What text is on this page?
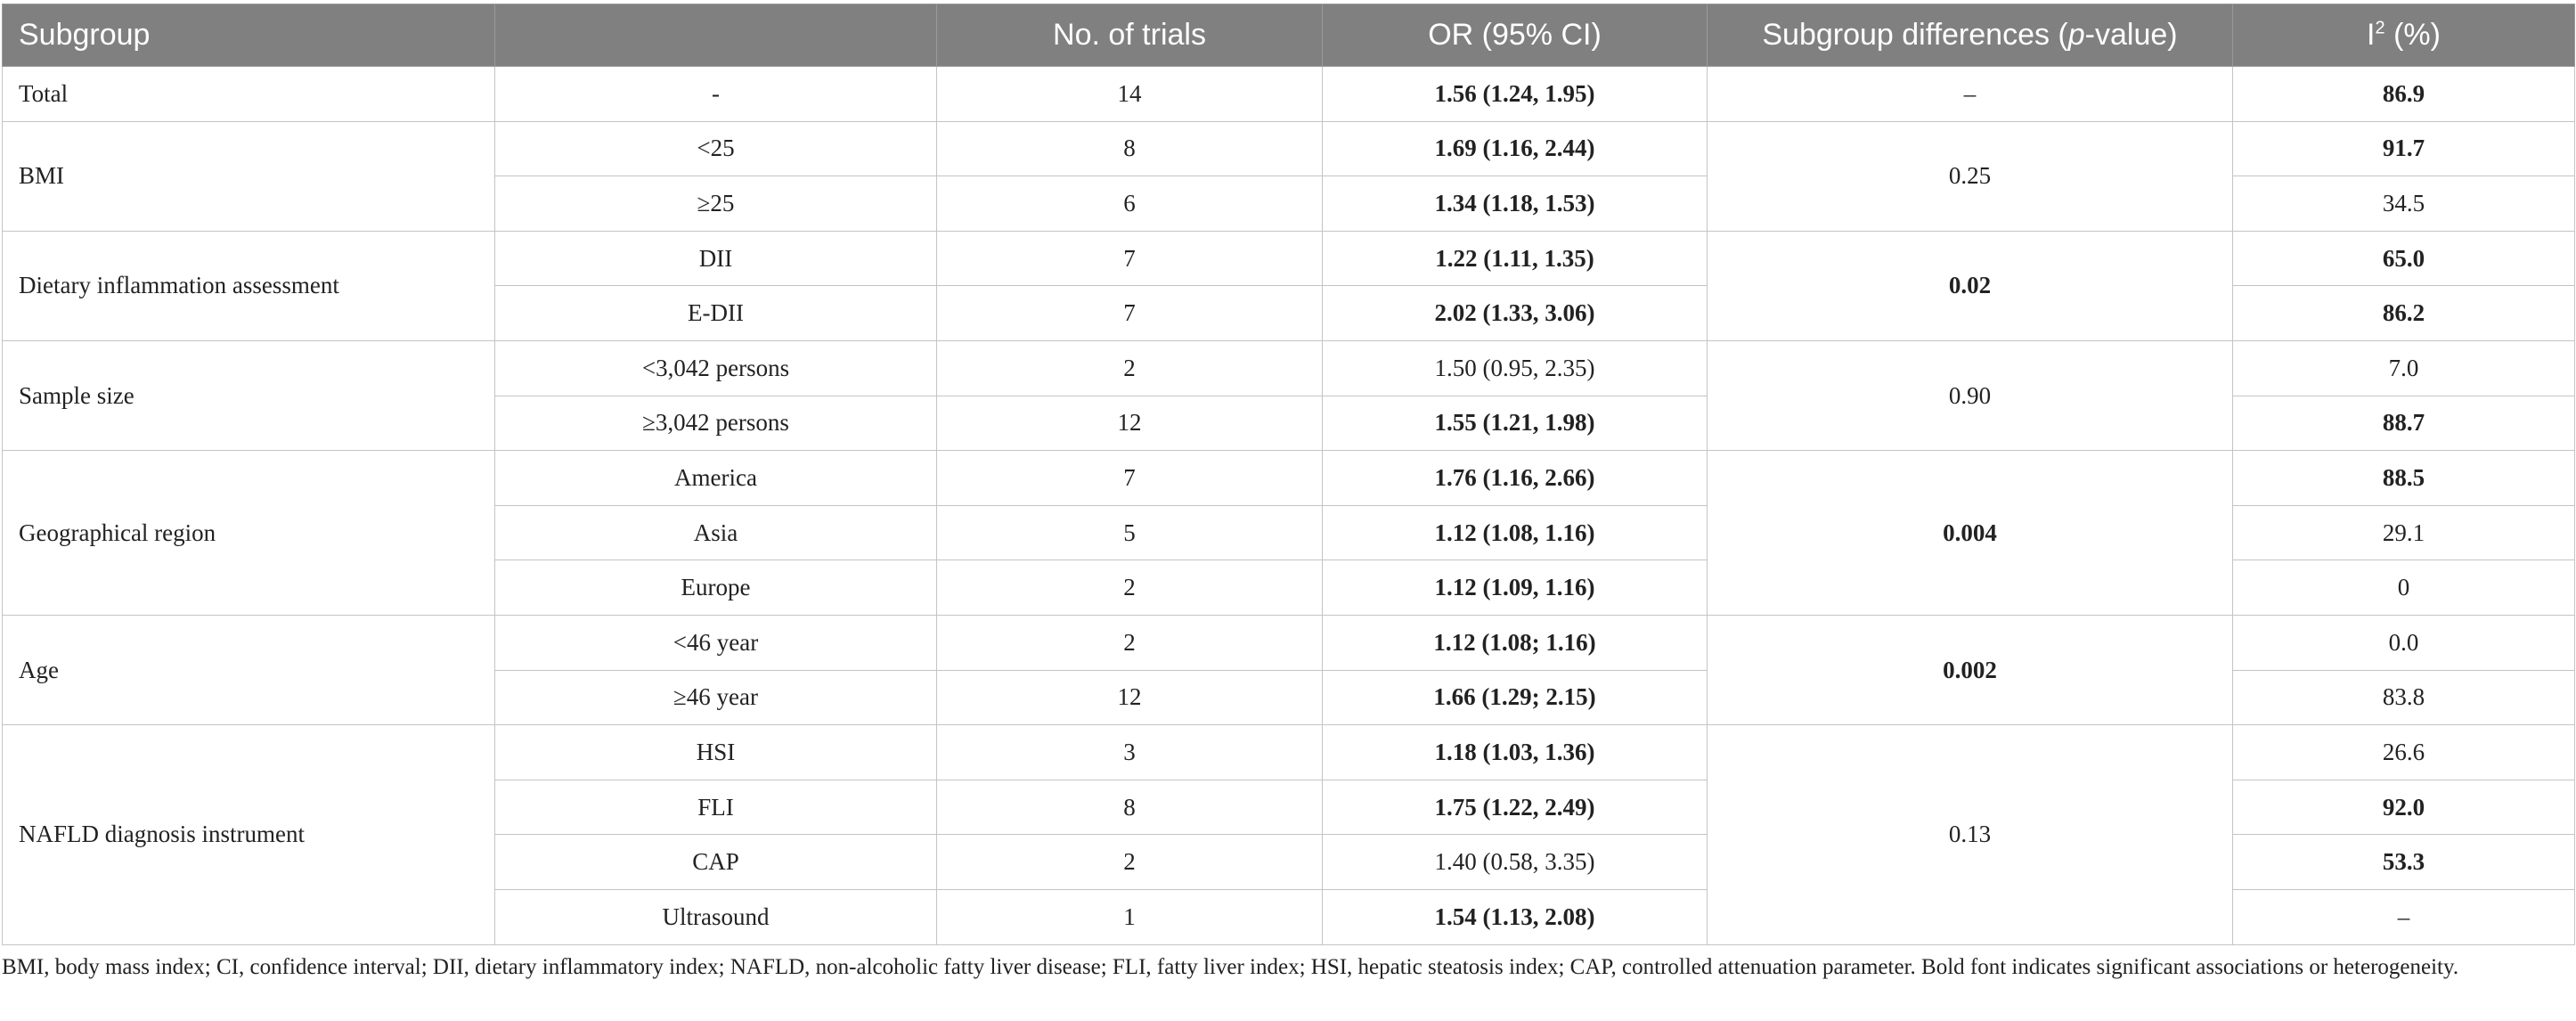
Subgroup		No. of trials	OR (95% CI)	Subgroup differences (p-value)	$I^2$ (%)
Total	-	14	1.56 (1.24, 1.95)	–	86.9
BMI	<25	8	1.69 (1.16, 2.44)	0.25	91.7
	≥25	6	1.34 (1.18, 1.53)		34.5
Dietary inflammation assessment	DII	7	1.22 (1.11, 1.35)	0.02	65.0
	E-DII	7	2.02 (1.33, 3.06)		86.2
Sample size	<3,042 persons	2	1.50 (0.95, 2.35)	0.90	7.0
	≥3,042 persons	12	1.55 (1.21, 1.98)		88.7
Geographical region	America	7	1.76 (1.16, 2.66)	0.004	88.5
	Asia	5	1.12 (1.08, 1.16)		29.1
	Europe	2	1.12 (1.09, 1.16)		0
Age	<46 year	2	1.12 (1.08; 1.16)	0.002	0.0
	≥46 year	12	1.66 (1.29; 2.15)		83.8
NAFLD diagnosis instrument	HSI	3	1.18 (1.03, 1.36)	0.13	26.6
	FLI	8	1.75 (1.22, 2.49)		92.0
	CAP	2	1.40 (0.58, 3.35)		53.3
	Ultrasound	1	1.54 (1.13, 2.08)		–
BMI, body mass index; CI, confidence interval; DII, dietary inflammatory index; NAFLD, non-alcoholic fatty liver disease; FLI, fatty liver index; HSI, hepatic steatosis index; CAP, controlled attenuation parameter. Bold font indicates significant associations or heterogeneity.
